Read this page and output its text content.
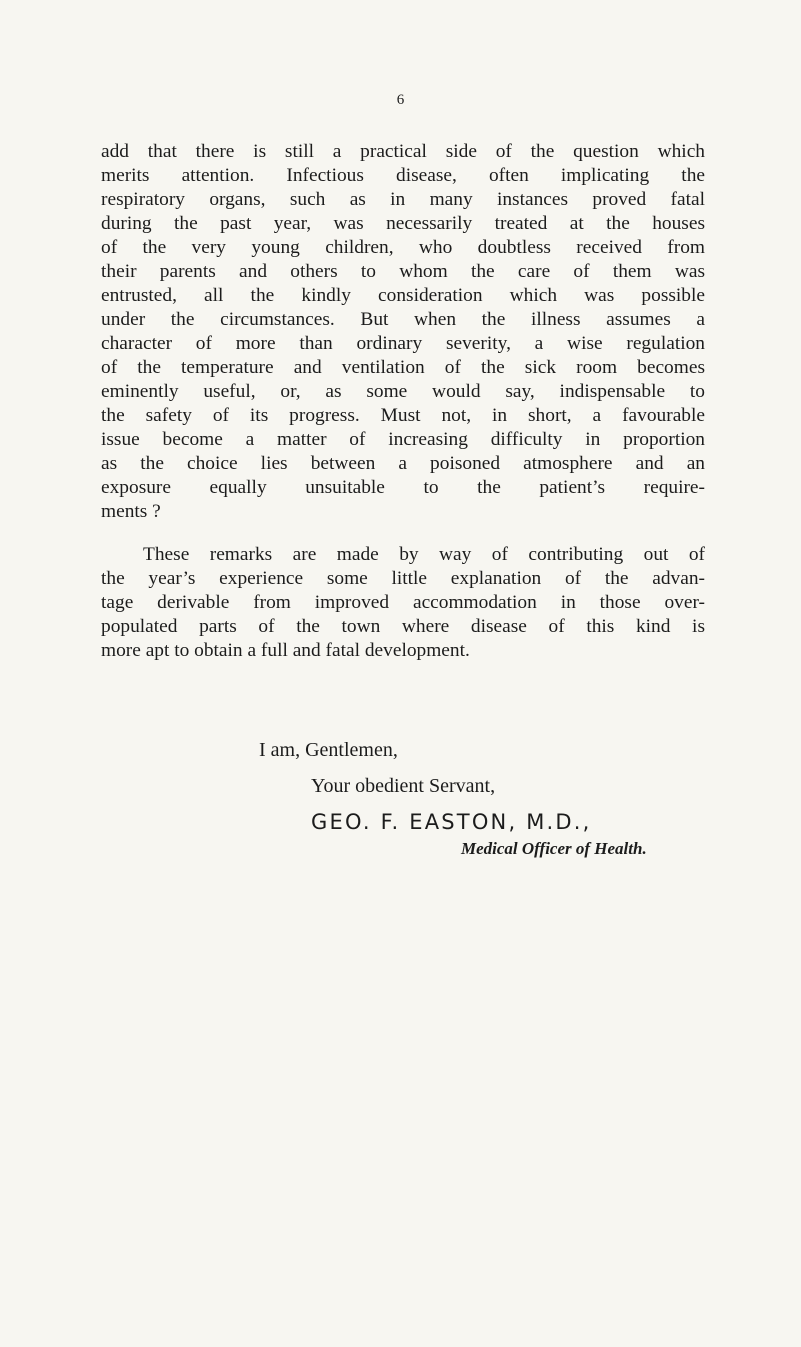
6

add that there is still a practical side of the question which
merits attention. Infectious disease, often implicating the
respiratory organs, such as in many instances proved fatal
during the past year, was necessarily treated at the houses
of the very young children, who doubtless received from
their parents and others to whom the care of them was
entrusted, all the kindly consideration which was possible
under the circumstances. But when the illness assumes a
character of more than ordinary severity, a wise regulation
of the temperature and ventilation of the sick room becomes
eminently useful, or, as some would say, indispensable to
the safety of its progress. Must not, in short, a favourable
issue become a matter of increasing difficulty in proportion
as the choice lies between a poisoned atmosphere and an
exposure equally unsuitable to the patient’s require-
ments ?

These remarks are made by way of contributing out of
the year’s experience some little explanation of the advan-
tage derivable from improved accommodation in those over-
populated parts of the town where disease of this kind is
more apt to obtain a full and fatal development.

I am, Gentlemen,
Your obedient Servant,
GEO. F. EASTON, M.D.,
Medical Officer of Health.
